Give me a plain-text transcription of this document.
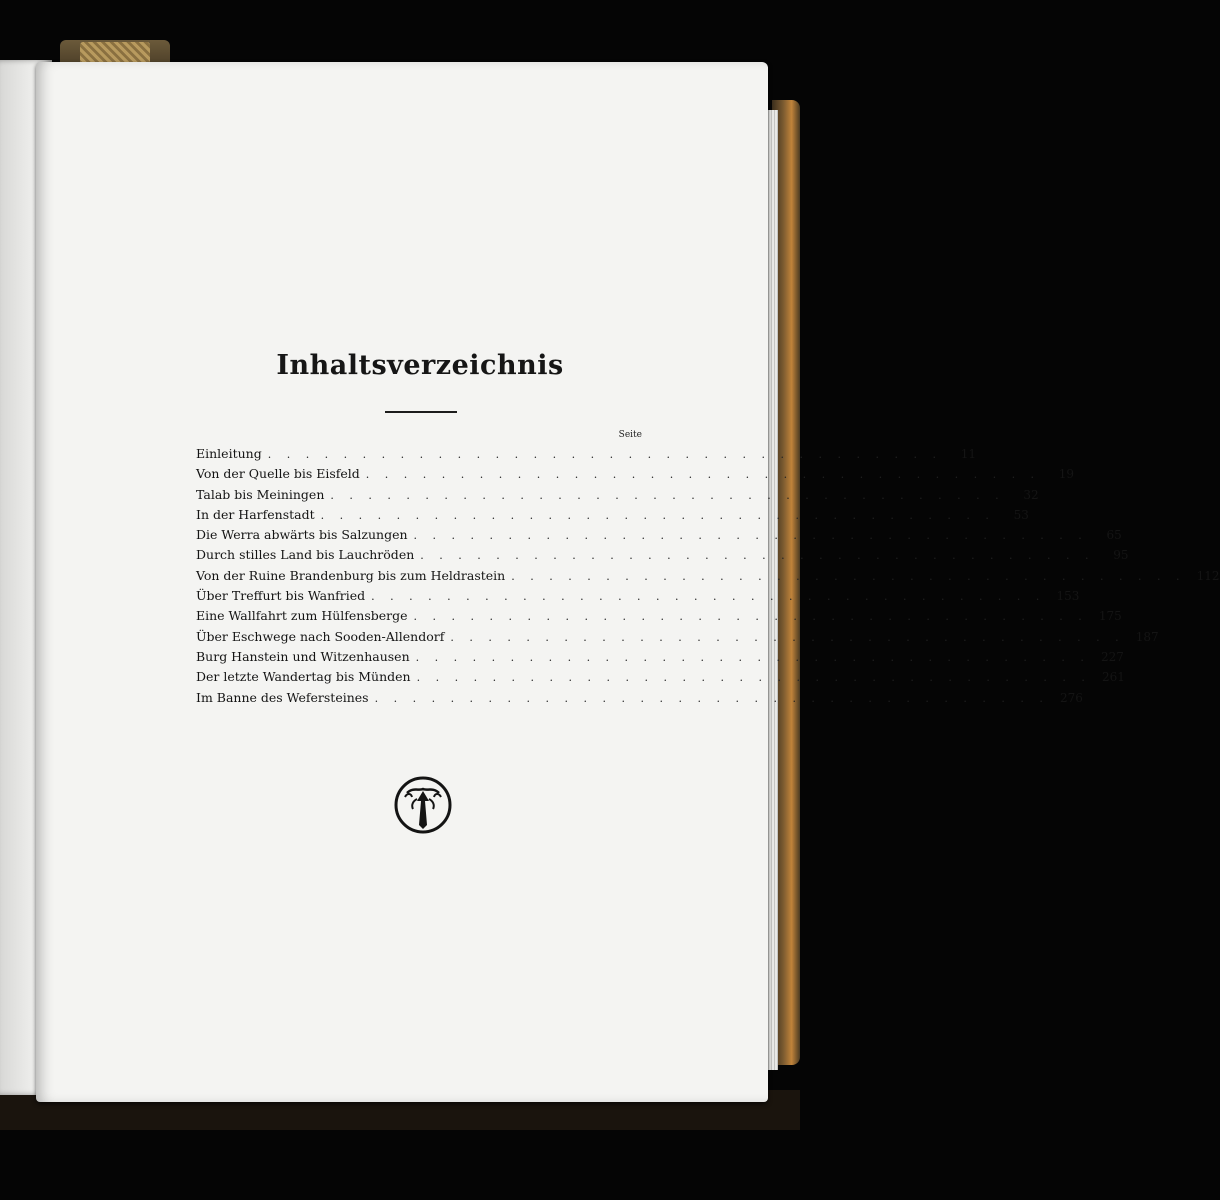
Inhaltsverzeichnis
Seite
Einleitung . . . . . . . . . . . . . . . . . . . . . . . . . . . . . . . . . . . .	11
Von der Quelle bis Eisfeld . . . . . . . . . . . . . . . . . . . . . . . . . . . . . . . . . . . .	19
Talab bis Meiningen . . . . . . . . . . . . . . . . . . . . . . . . . . . . . . . . . . . .	32
In der Harfenstadt . . . . . . . . . . . . . . . . . . . . . . . . . . . . . . . . . . . .	53
Die Werra abwärts bis Salzungen . . . . . . . . . . . . . . . . . . . . . . . . . . . . . . . . . . . .	65
Durch stilles Land bis Lauchröden . . . . . . . . . . . . . . . . . . . . . . . . . . . . . . . . . . . .	95
Von der Ruine Brandenburg bis zum Heldrastein . . . . . . . . . . . . . . . . . . . . . . . . . . . . . . . . . . . . 112
Über Treffurt bis Wanfried . . . . . . . . . . . . . . . . . . . . . . . . . . . . . . . . . . . . 153
Eine Wallfahrt zum Hülfensberge . . . . . . . . . . . . . . . . . . . . . . . . . . . . . . . . . . . . 175
Über Eschwege nach Sooden-Allendorf . . . . . . . . . . . . . . . . . . . . . . . . . . . . . . . . . . . . 187
Burg Hanstein und Witzenhausen . . . . . . . . . . . . . . . . . . . . . . . . . . . . . . . . . . . . 227
Der letzte Wandertag bis Münden . . . . . . . . . . . . . . . . . . . . . . . . . . . . . . . . . . . . 261
Im Banne des Wefersteines . . . . . . . . . . . . . . . . . . . . . . . . . . . . . . . . . . . . 276
